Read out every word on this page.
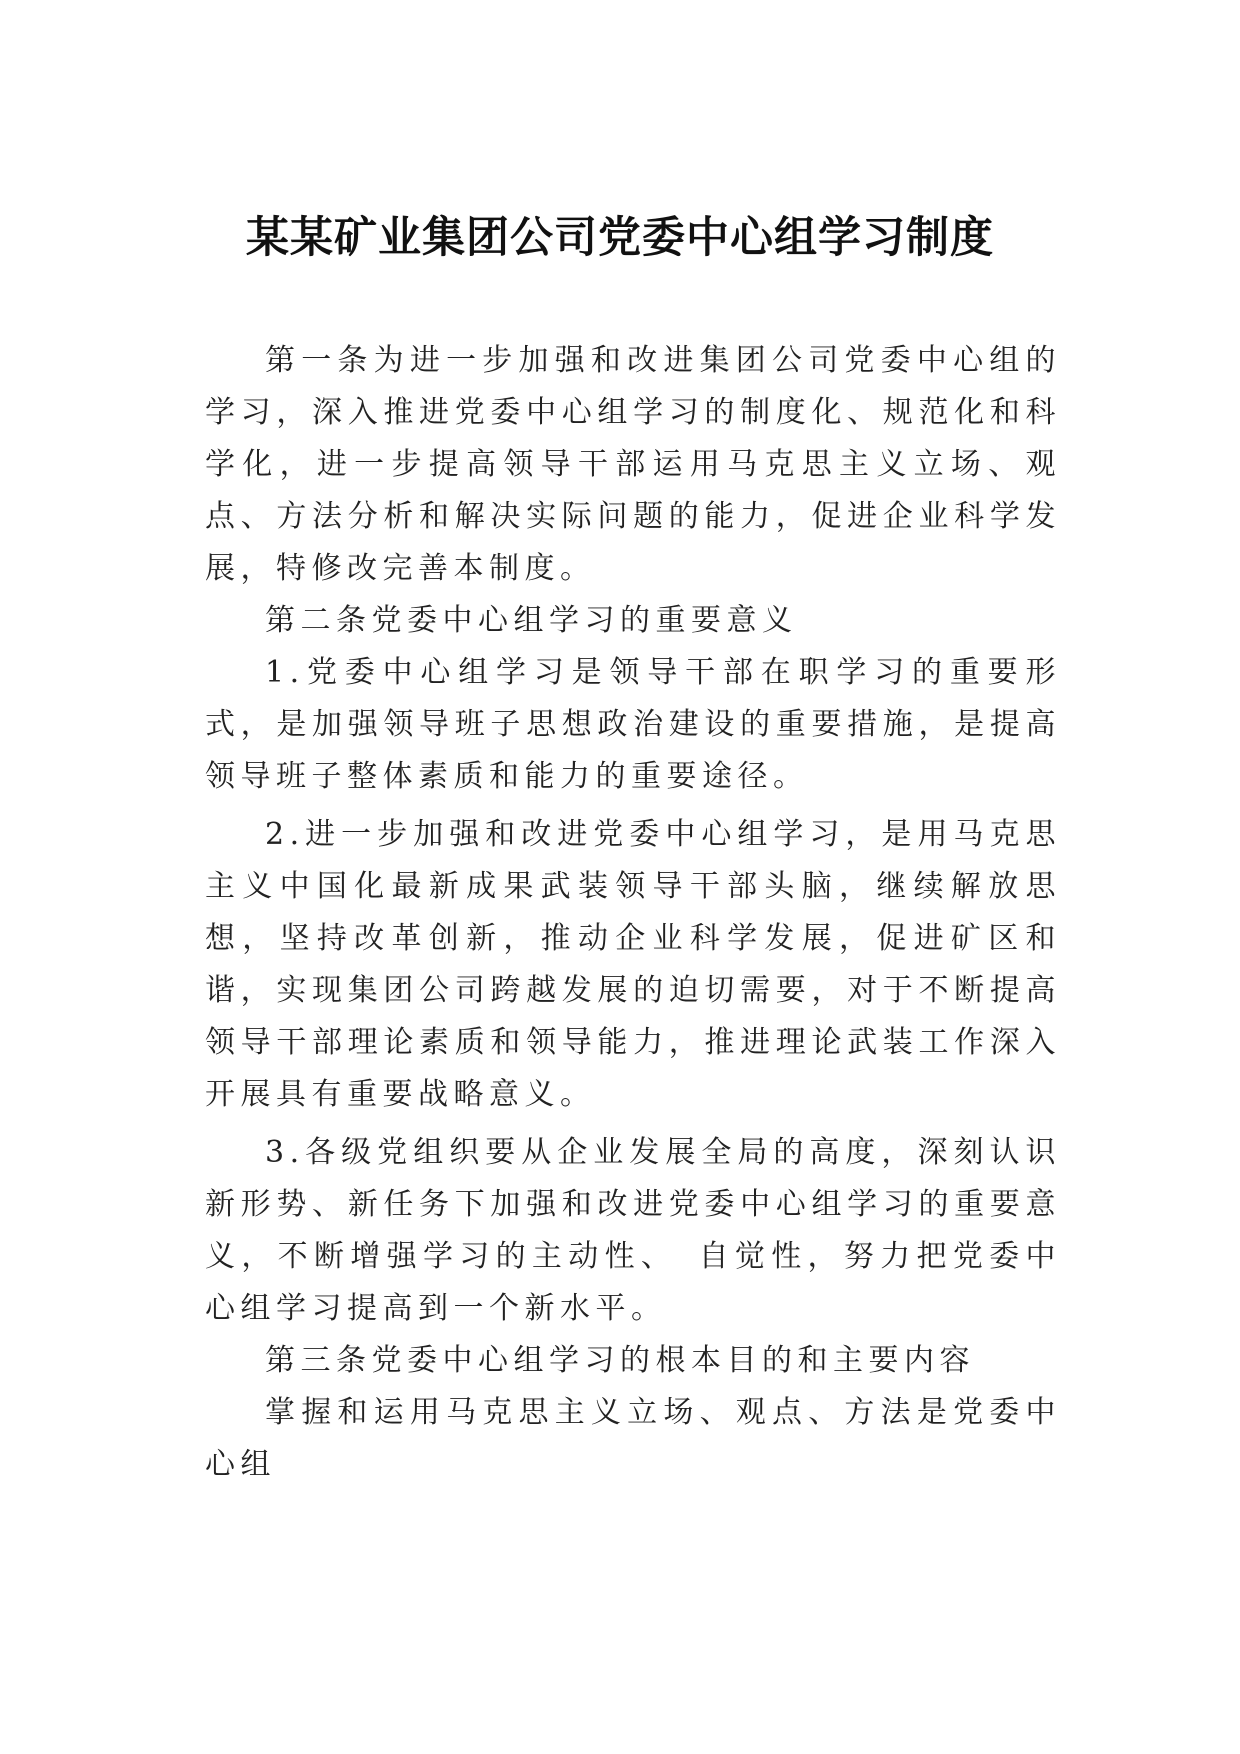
某某矿业集团公司党委中心组学习制度

第一条为进一步加强和改进集团公司党委中心组的学习，深入推进党委中心组学习的制度化、规范化和科学化，进一步提高领导干部运用马克思主义立场、观点、方法分析和解决实际问题的能力，促进企业科学发展，特修改完善本制度。

第二条党委中心组学习的重要意义

1.党委中心组学习是领导干部在职学习的重要形式，是加强领导班子思想政治建设的重要措施，是提高领导班子整体素质和能力的重要途径。

2.进一步加强和改进党委中心组学习，是用马克思主义中国化最新成果武装领导干部头脑，继续解放思想，坚持改革创新，推动企业科学发展，促进矿区和谐，实现集团公司跨越发展的迫切需要，对于不断提高领导干部理论素质和领导能力，推进理论武装工作深入开展具有重要战略意义。

3.各级党组织要从企业发展全局的高度，深刻认识新形势、新任务下加强和改进党委中心组学习的重要意义，不断增强学习的主动性、　自觉性，努力把党委中心组学习提高到一个新水平。

第三条党委中心组学习的根本目的和主要内容

掌握和运用马克思主义立场、观点、方法是党委中心组
